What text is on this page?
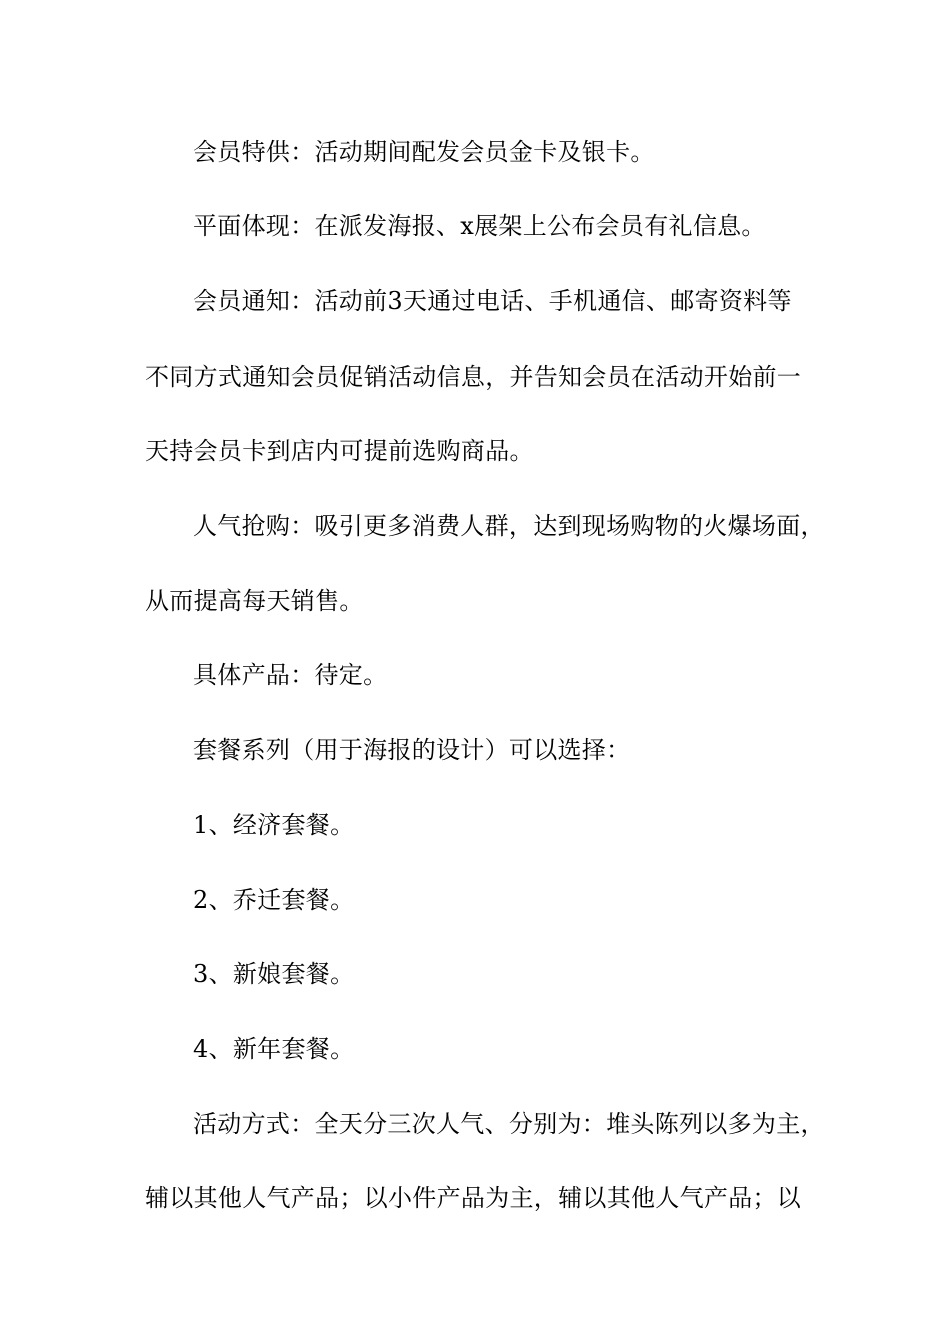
会员特供：活动期间配发会员金卡及银卡。
平面体现：在派发海报、x展架上公布会员有礼信息。
会员通知：活动前3天通过电话、手机通信、邮寄资料等
不同方式通知会员促销活动信息，并告知会员在活动开始前一
天持会员卡到店内可提前选购商品。
人气抢购：吸引更多消费人群，达到现场购物的火爆场面，
从而提高每天销售。
具体产品：待定。
套餐系列（用于海报的设计）可以选择：
1、经济套餐。
2、乔迁套餐。
3、新娘套餐。
4、新年套餐。
活动方式：全天分三次人气、分别为：堆头陈列以多为主，
辅以其他人气产品；以小件产品为主，辅以其他人气产品；以
